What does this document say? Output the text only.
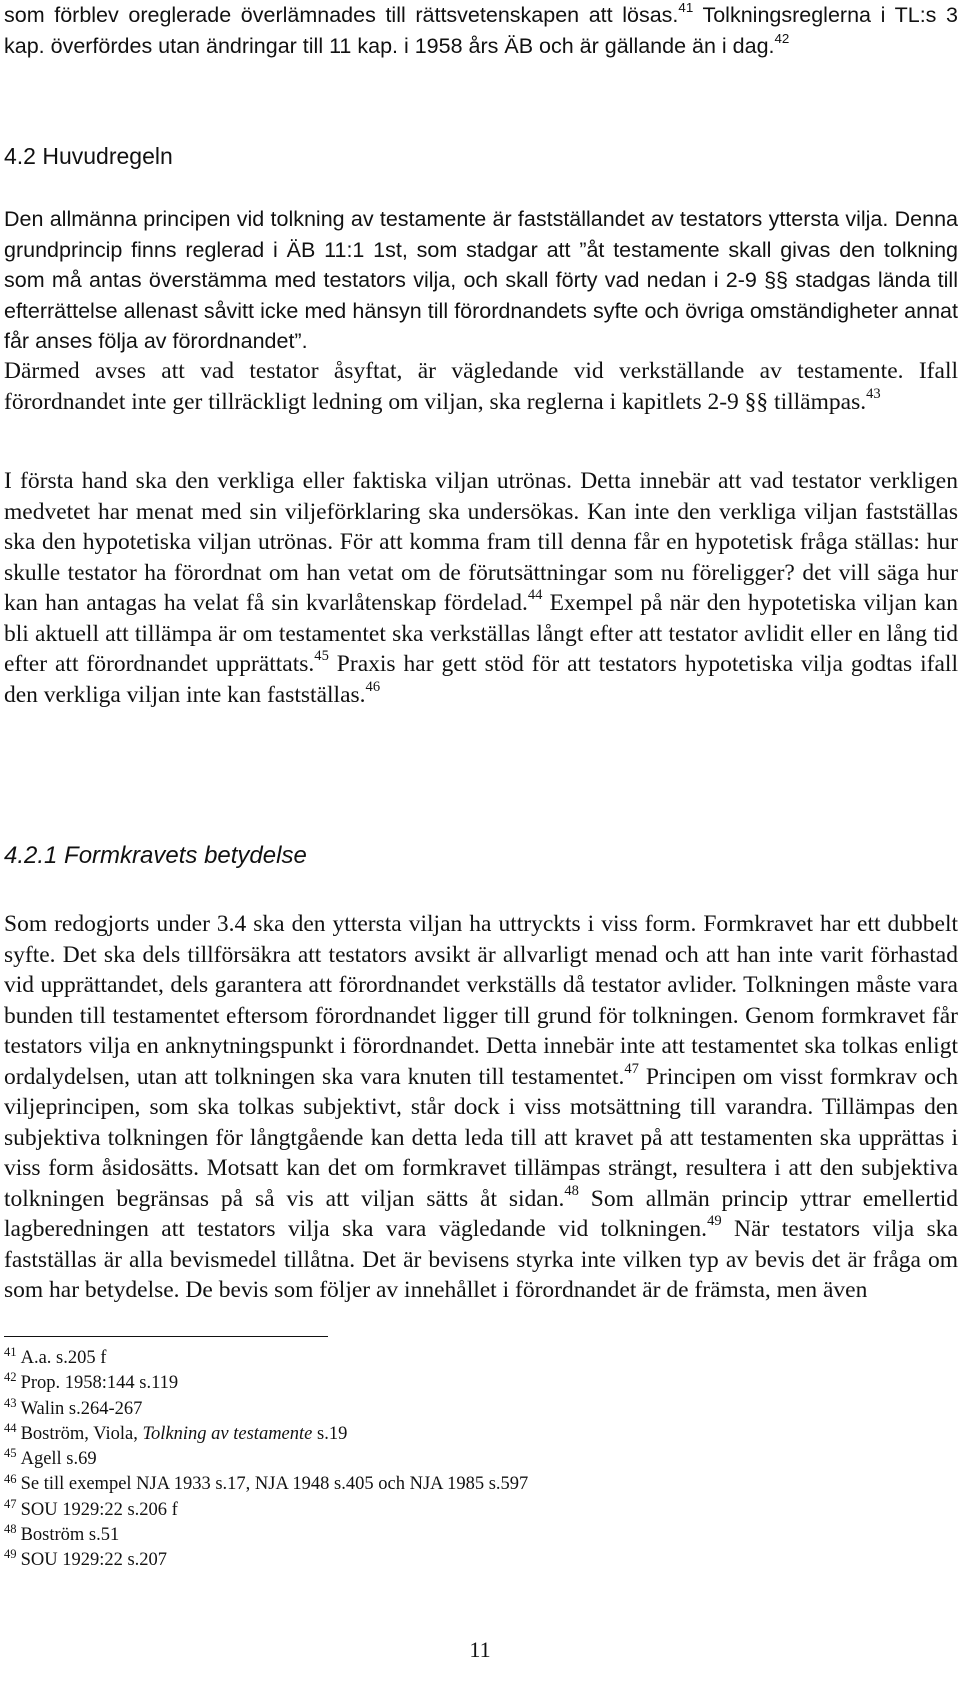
som förblev oreglerade överlämnades till rättsvetenskapen att lösas.$^{41}$ Tolkningsreglerna i TL:s 3 kap. överfördes utan ändringar till 11 kap. i 1958 års ÄB och är gällande än i dag.$^{42}$

4.2 Huvudregeln

Den allmänna principen vid tolkning av testamente är fastställandet av testators yttersta vilja. Denna grundprincip finns reglerad i ÄB 11:1 1st, som stadgar att ”åt testamente skall givas den tolkning som må antas överstämma med testators vilja, och skall förty vad nedan i 2-9 §§ stadgas lända till efterrättelse allenast såvitt icke med hänsyn till förordnandets syfte och övriga omständigheter annat får anses följa av förordnandet”.

Därmed avses att vad testator åsyftat, är vägledande vid verkställande av testamente. Ifall förordnandet inte ger tillräckligt ledning om viljan, ska reglerna i kapitlets 2-9 §§ tillämpas.$^{43}$

I första hand ska den verkliga eller faktiska viljan utrönas. Detta innebär att vad testator verkligen medvetet har menat med sin viljeförklaring ska undersökas. Kan inte den verkliga viljan fastställas ska den hypotetiska viljan utrönas. För att komma fram till denna får en hypotetisk fråga ställas: hur skulle testator ha förordnat om han vetat om de förutsättningar som nu föreligger? det vill säga hur kan han antagas ha velat få sin kvarlåtenskap fördelad.$^{44}$ Exempel på när den hypotetiska viljan kan bli aktuell att tillämpa är om testamentet ska verkställas långt efter att testator avlidit eller en lång tid efter att förordnandet upprättats.$^{45}$ Praxis har gett stöd för att testators hypotetiska vilja godtas ifall den verkliga viljan inte kan fastställas.$^{46}$

4.2.1 Formkravets betydelse

Som redogjorts under 3.4 ska den yttersta viljan ha uttryckts i viss form. Formkravet har ett dubbelt syfte. Det ska dels tillförsäkra att testators avsikt är allvarligt menad och att han inte varit förhastad vid upprättandet, dels garantera att förordnandet verkställs då testator avlider. Tolkningen måste vara bunden till testamentet eftersom förordnandet ligger till grund för tolkningen. Genom formkravet får testators vilja en anknytningspunkt i förordnandet. Detta innebär inte att testamentet ska tolkas enligt ordalydelsen, utan att tolkningen ska vara knuten till testamentet.$^{47}$ Principen om visst formkrav och viljeprincipen, som ska tolkas subjektivt, står dock i viss motsättning till varandra. Tillämpas den subjektiva tolkningen för långtgående kan detta leda till att kravet på att testamenten ska upprättas i viss form åsidosätts. Motsatt kan det om formkravet tillämpas strängt, resultera i att den subjektiva tolkningen begränsas på så vis att viljan sätts åt sidan.$^{48}$ Som allmän princip yttrar emellertid lagberedningen att testators vilja ska vara vägledande vid tolkningen.$^{49}$ När testators vilja ska fastställas är alla bevismedel tillåtna. Det är bevisens styrka inte vilken typ av bevis det är fråga om som har betydelse. De bevis som följer av innehållet i förordnandet är de främsta, men även

$^{41}$ A.a. s.205 f
$^{42}$ Prop. 1958:144 s.119
$^{43}$ Walin s.264-267
$^{44}$ Boström, Viola, Tolkning av testamente s.19
$^{45}$ Agell s.69
$^{46}$ Se till exempel NJA 1933 s.17, NJA 1948 s.405 och NJA 1985 s.597
$^{47}$ SOU 1929:22 s.206 f
$^{48}$ Boström s.51
$^{49}$ SOU 1929:22 s.207
11
